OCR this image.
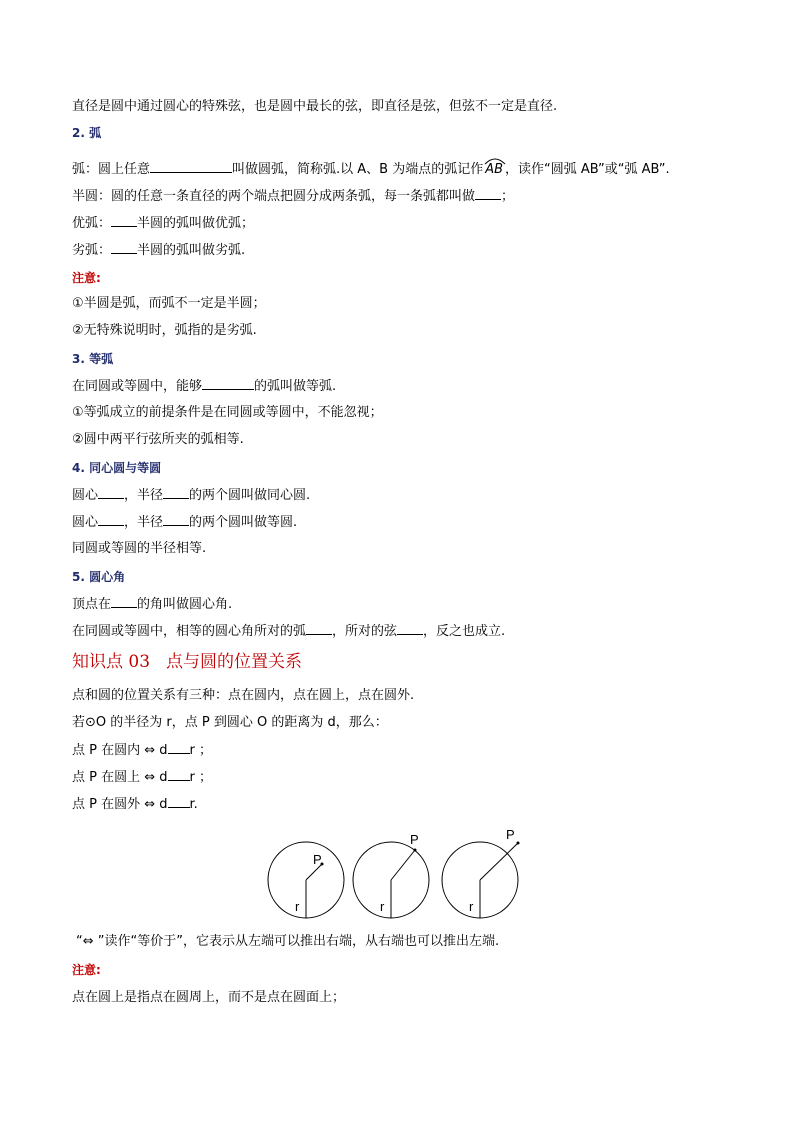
直径是圆中通过圆心的特殊弦，也是圆中最长的弦，即直径是弦，但弦不一定是直径.
2. 弧
弧：圆上任意	叫做圆弧，简称弧.以 A、B 为端点的弧记作 AB ，读作“圆弧 AB”或“弧 AB”.
半圆：圆的任意一条直径的两个端点把圆分成两条弧，每一条弧都叫做 ；
优弧： 半圆的弧叫做优弧；
劣弧： 半圆的弧叫做劣弧.
注意:
①半圆是弧，而弧不一定是半圆；
②无特殊说明时，弧指的是劣弧.
3. 等弧
在同圆或等圆中，能够	的弧叫做等弧.
①等弧成立的前提条件是在同圆或等圆中，不能忽视；
②圆中两平行弦所夹的弧相等.
4. 同心圆与等圆
圆心 ，半径 的两个圆叫做同心圆.
圆心 ，半径 的两个圆叫做等圆.
同圆或等圆的半径相等.
5. 圆心角
顶点在 的角叫做圆心角.
在同圆或等圆中，相等的圆心角所对的弧 ，所对的弦 ，反之也成立.
知识点 03 点与圆的位置关系
点和圆的位置关系有三种：点在圆内，点在圆上，点在圆外.
若⊙O 的半径为 r，点 P 到圆心 O 的距离为 d，那么：
点 P 在圆内 ⇔ d r ；
点 P 在圆上 ⇔ d r ；
点 P 在圆外 ⇔ d r.
P
r
P
r
P
r
“⇔ ”读作“等价于”，它表示从左端可以推出右端，从右端也可以推出左端.
注意:
点在圆上是指点在圆周上，而不是点在圆面上；
